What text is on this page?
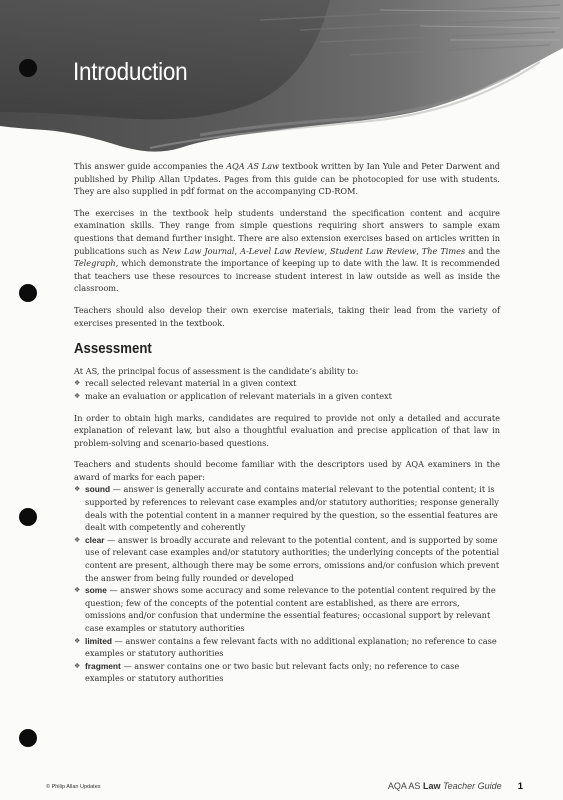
Introduction

This answer guide accompanies the AQA AS Law textbook written by Ian Yule and Peter Darwent and published by Philip Allan Updates. Pages from this guide can be photocopied for use with students. They are also supplied in pdf format on the accompanying CD-ROM.

The exercises in the textbook help students understand the specification content and acquire examination skills. They range from simple questions requiring short answers to sample exam questions that demand further insight. There are also extension exercises based on articles written in publications such as New Law Journal, A-Level Law Review, Student Law Review, The Times and the Telegraph, which demonstrate the importance of keeping up to date with the law. It is recommended that teachers use these resources to increase student interest in law outside as well as inside the classroom.

Teachers should also develop their own exercise materials, taking their lead from the variety of exercises presented in the textbook.

Assessment

At AS, the principal focus of assessment is the candidate’s ability to:

❖ recall selected relevant material in a given context
❖ make an evaluation or application of relevant materials in a given context

In order to obtain high marks, candidates are required to provide not only a detailed and accurate explanation of relevant law, but also a thoughtful evaluation and precise application of that law in problem-solving and scenario-based questions.

Teachers and students should become familiar with the descriptors used by AQA examiners in the award of marks for each paper:

❖ sound — answer is generally accurate and contains material relevant to the potential content; it is supported by references to relevant case examples and/or statutory authorities; response generally deals with the potential content in a manner required by the question, so the essential features are dealt with competently and coherently
❖ clear — answer is broadly accurate and relevant to the potential content, and is supported by some use of relevant case examples and/or statutory authorities; the underlying concepts of the potential content are present, although there may be some errors, omissions and/or confusion which prevent the answer from being fully rounded or developed
❖ some — answer shows some accuracy and some relevance to the potential content required by the question; few of the concepts of the potential content are established, as there are errors, omissions and/or confusion that undermine the essential features; occasional support by relevant case examples or statutory authorities
❖ limited — answer contains a few relevant facts with no additional explanation; no reference to case examples or statutory authorities
❖ fragment — answer contains one or two basic but relevant facts only; no reference to case examples or statutory authorities
© Philip Allan Updates	AQA AS Law Teacher Guide 1
